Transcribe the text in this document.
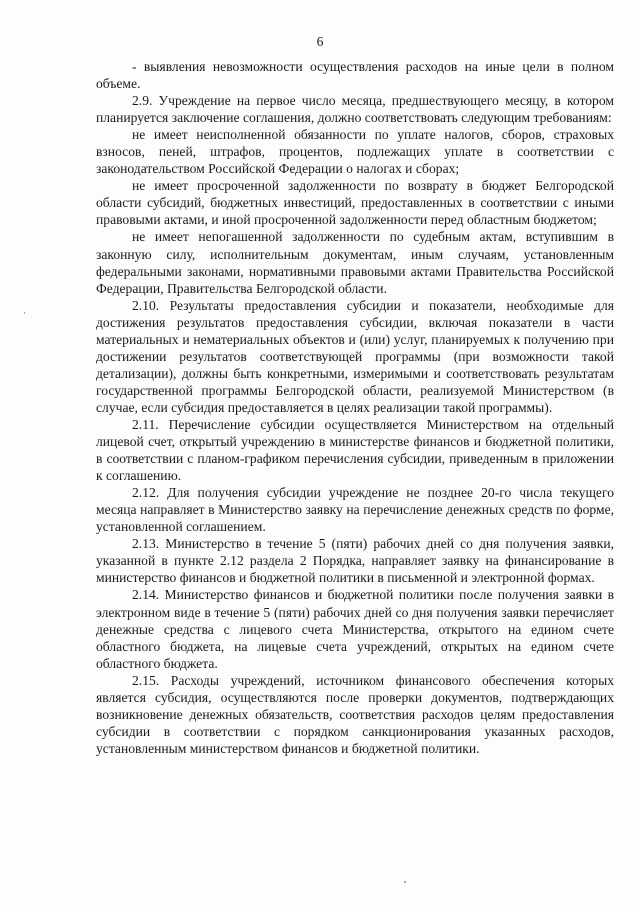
6

- выявления невозможности осуществления расходов на иные цели в полном объеме.

2.9. Учреждение на первое число месяца, предшествующего месяцу, в котором планируется заключение соглашения, должно соответствовать следующим требованиям:

не имеет неисполненной обязанности по уплате налогов, сборов, страховых взносов, пеней, штрафов, процентов, подлежащих уплате в соответствии с законодательством Российской Федерации о налогах и сборах;

не имеет просроченной задолженности по возврату в бюджет Белгородской области субсидий, бюджетных инвестиций, предоставленных в соответствии с иными правовыми актами, и иной просроченной задолженности перед областным бюджетом;

не имеет непогашенной задолженности по судебным актам, вступившим в законную силу, исполнительным документам, иным случаям, установленным федеральными законами, нормативными правовыми актами Правительства Российской Федерации, Правительства Белгородской области.

2.10. Результаты предоставления субсидии и показатели, необходимые для достижения результатов предоставления субсидии, включая показатели в части материальных и нематериальных объектов и (или) услуг, планируемых к получению при достижении результатов соответствующей программы (при возможности такой детализации), должны быть конкретными, измеримыми и соответствовать результатам государственной программы Белгородской области, реализуемой Министерством (в случае, если субсидия предоставляется в целях реализации такой программы).

2.11. Перечисление субсидии осуществляется Министерством на отдельный лицевой счет, открытый учреждению в министерстве финансов и бюджетной политики, в соответствии с планом-графиком перечисления субсидии, приведенным в приложении к соглашению.

2.12. Для получения субсидии учреждение не позднее 20-го числа текущего месяца направляет в Министерство заявку на перечисление денежных средств по форме, установленной соглашением.

2.13. Министерство в течение 5 (пяти) рабочих дней со дня получения заявки, указанной в пункте 2.12 раздела 2 Порядка, направляет заявку на финансирование в министерство финансов и бюджетной политики в письменной и электронной формах.

2.14. Министерство финансов и бюджетной политики после получения заявки в электронном виде в течение 5 (пяти) рабочих дней со дня получения заявки перечисляет денежные средства с лицевого счета Министерства, открытого на едином счете областного бюджета, на лицевые счета учреждений, открытых на едином счете областного бюджета.

2.15. Расходы учреждений, источником финансового обеспечения которых является субсидия, осуществляются после проверки документов, подтверждающих возникновение денежных обязательств, соответствия расходов целям предоставления субсидии в соответствии с порядком санкционирования указанных расходов, установленным министерством финансов и бюджетной политики.
